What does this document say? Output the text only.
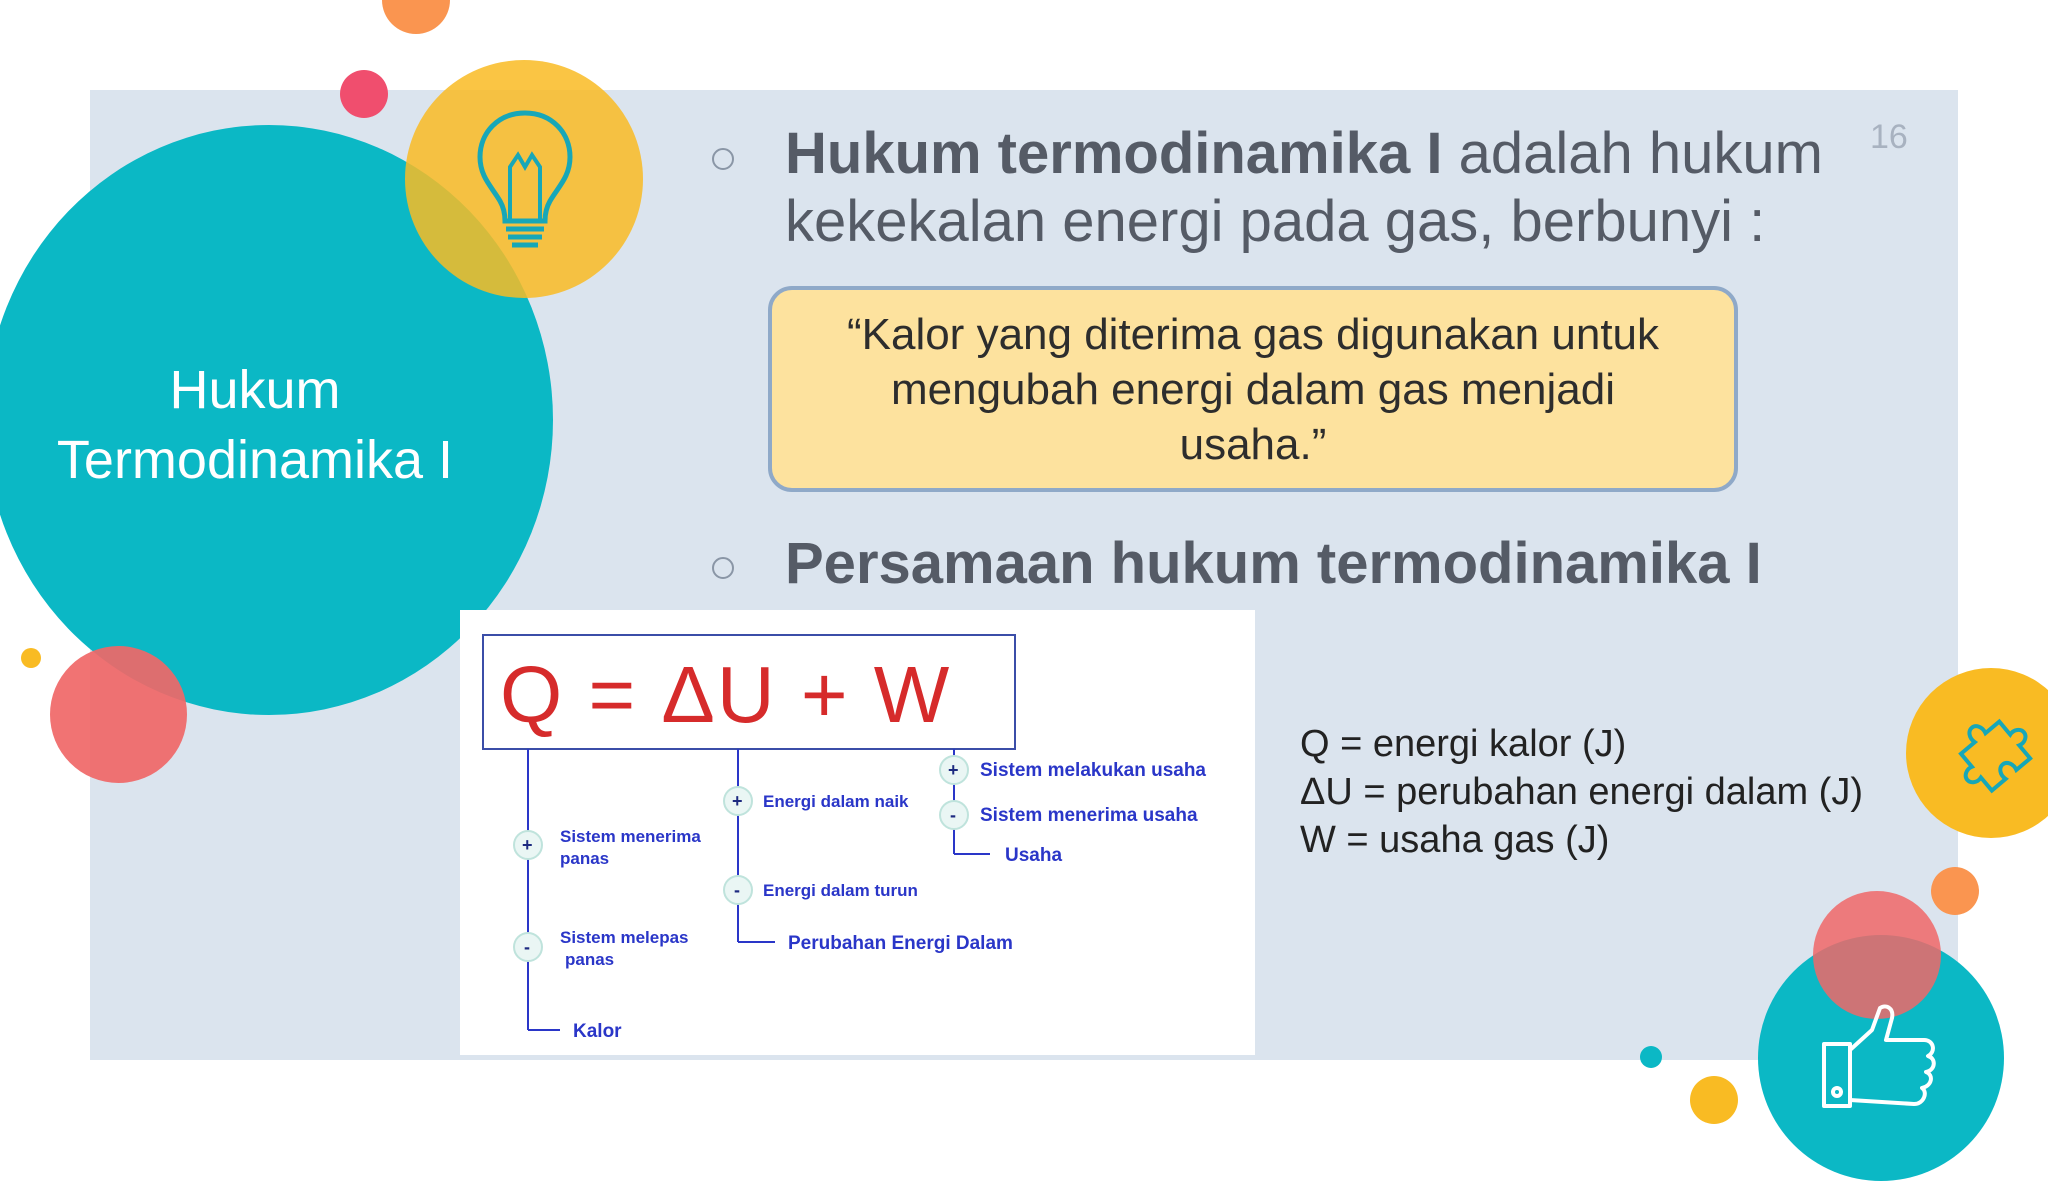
Hukum
Termodinamika I
16
Hukum termodinamika I adalah hukum
kekekalan energi pada gas, berbunyi :
“Kalor yang diterima gas digunakan untuk
mengubah energi dalam gas menjadi usaha.”
Persamaan hukum termodinamika I
Q = ΔU + W
+
-
+
-
+
-
Sistem menerima
panas
Sistem melepas
panas
Kalor
Energi dalam naik
Energi dalam turun
Perubahan Energi Dalam
Sistem melakukan usaha
Sistem menerima usaha
Usaha
Q = energi kalor (J)
ΔU = perubahan energi dalam (J)
W = usaha gas (J)
